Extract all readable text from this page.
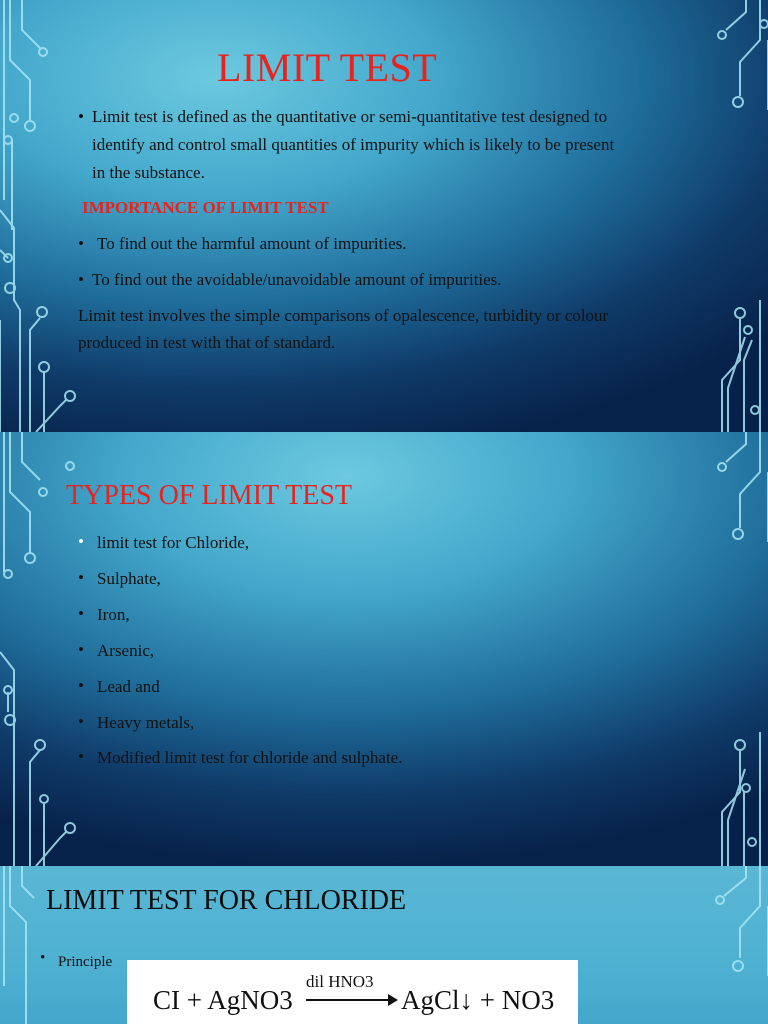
LIMIT TEST
• Limit test is defined as the quantitative or semi-quantitative test designed to
identify and control small quantities of impurity which is likely to be present
in the substance.
IMPORTANCE OF LIMIT TEST
• To find out the harmful amount of impurities.
• To find out the avoidable/unavoidable amount of impurities.
Limit test involves the simple comparisons of opalescence, turbidity or colour
produced in test with that of standard.
TYPES OF LIMIT TEST
• limit test for Chloride,
• Sulphate,
• Iron,
• Arsenic,
• Lead and
• Heavy metals,
• Modified limit test for chloride and sulphate.
LIMIT TEST FOR CHLORIDE
• Principle
CI + AgNO3
dil HNO3
AgCl↓ + NO3
